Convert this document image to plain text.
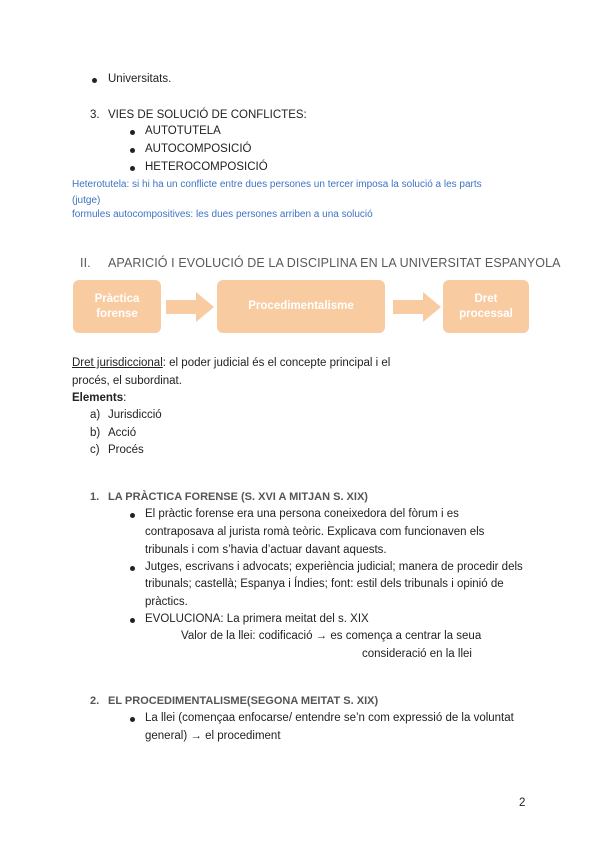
Universitats.
3. VIES DE SOLUCIÓ DE CONFLICTES:
AUTOTUTELA
AUTOCOMPOSICIÓ
HETEROCOMPOSICIÓ
Heterotutela: si hi ha un conflicte entre dues persones un tercer imposa la solució a les parts
(jutge)
formules autocompositives: les dues persones arriben a una solució
II. APARICIÓ I EVOLUCIÓ DE LA DISCIPLINA EN LA UNIVERSITAT ESPANYOLA
Pràctica
forense
Procedimentalisme
Dret
processal
Dret jurisdiccional: el poder judicial és el concepte principal i el
procés, el subordinat.
Elements:
a) Jurisdicció
b) Acció
c) Procés
1. LA PRÀCTICA FORENSE (S. XVI A MITJAN S. XIX)
El pràctic forense era una persona coneixedora del fòrum i es
contraposava al jurista romà teòric. Explicava com funcionaven els
tribunals i com s’havia d’actuar davant aquests.
Jutges, escrivans i advocats; experiència judicial; manera de procedir dels
tribunals; castellà; Espanya i Índies; font: estil dels tribunals i opinió de
pràctics.
EVOLUCIONA: La primera meitat del s. XIX
Valor de la llei: codificació → es comença a centrar la seua
consideració en la llei
2. EL PROCEDIMENTALISME(SEGONA MEITAT S. XIX)
La llei (començaa enfocarse/ entendre se’n com expressió de la voluntat
general) → el procediment
2
